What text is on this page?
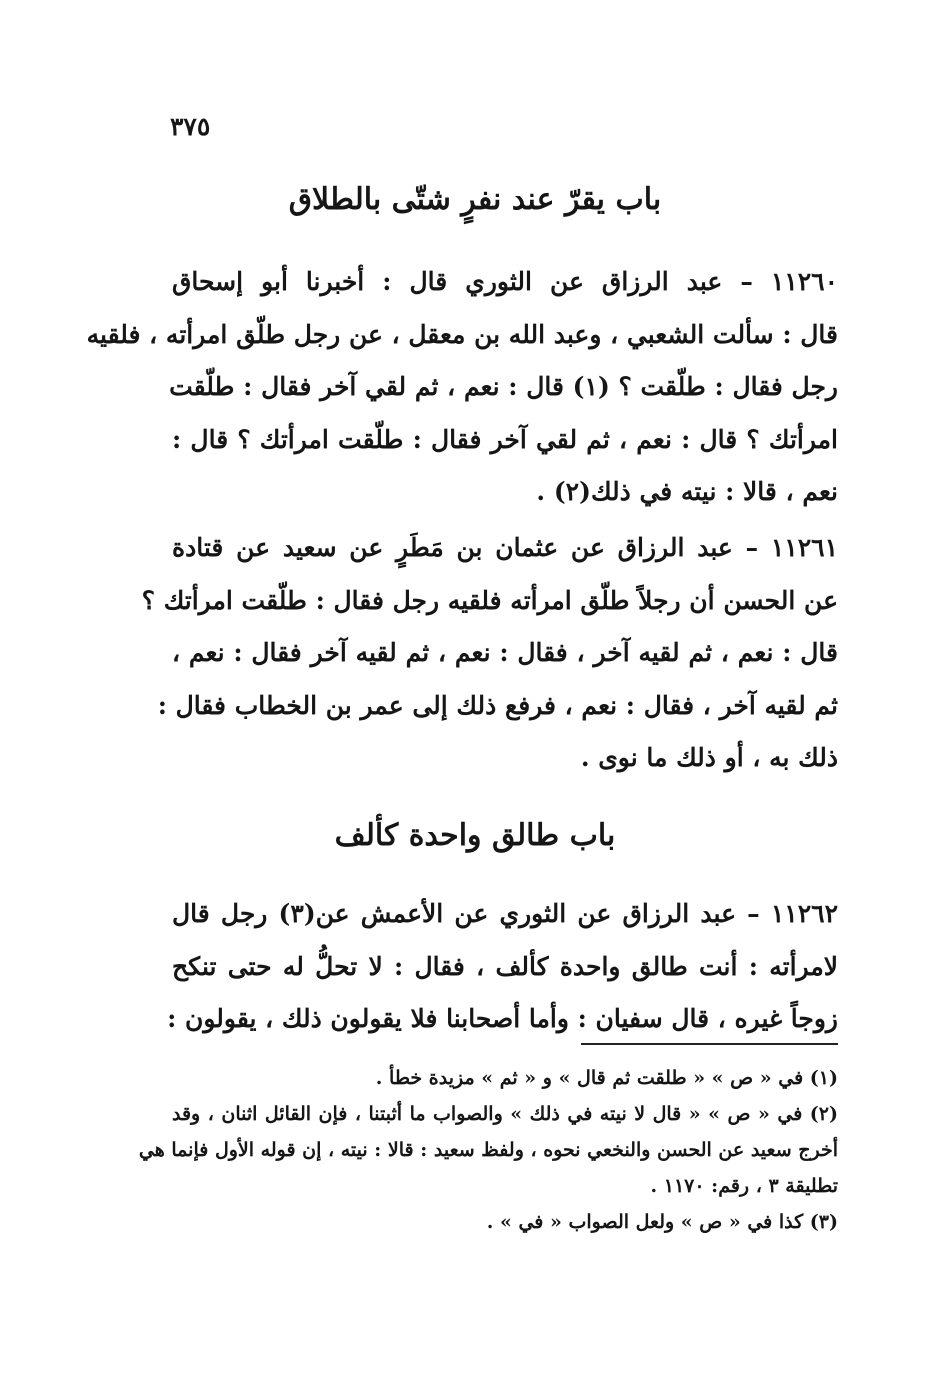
٣٧٥
باب يقرّ عند نفرٍ شتّى بالطلاق
١١٢٦٠ – عبد الرزاق عن الثوري قال : أخبرنا أبو إسحاق
قال : سألت الشعبي ، وعبد الله بن معقل ، عن رجل طلّق امرأته ، فلقيه
رجل فقال : طلّقت ؟ (١) قال : نعم ، ثم لقي آخر فقال : طلّقت
امرأتك ؟ قال : نعم ، ثم لقي آخر فقال : طلّقت امرأتك ؟ قال :
نعم ، قالا : نيته في ذلك(٢) .
١١٢٦١ – عبد الرزاق عن عثمان بن مَطَرٍ عن سعيد عن قتادة
عن الحسن أن رجلاً طلّق امرأته فلقيه رجل فقال : طلّقت امرأتك ؟
قال : نعم ، ثم لقيه آخر ، فقال : نعم ، ثم لقيه آخر فقال : نعم ،
ثم لقيه آخر ، فقال : نعم ، فرفع ذلك إلى عمر بن الخطاب فقال :
ذلك به ، أو ذلك ما نوى .
باب طالق واحدة كألف
١١٢٦٢ – عبد الرزاق عن الثوري عن الأعمش عن(٣) رجل قال
لامرأته : أنت طالق واحدة كألف ، فقال : لا تحلُّ له حتى تنكح
زوجاً غيره ، قال سفيان : وأما أصحابنا فلا يقولون ذلك ، يقولون :
(١) في « ص » « طلقت ثم قال » و « ثم » مزيدة خطأ .
(٢) في « ص » « قال لا نيته في ذلك » والصواب ما أثبتنا ، فإن القائل اثنان ، وقد
أخرج سعيد عن الحسن والنخعي نحوه ، ولفظ سعيد : قالا : نيته ، إن قوله الأول فإنما هي
تطليقة ٣ ، رقم: ١١٧٠ .
(٣) كذا في « ص » ولعل الصواب « في » .
